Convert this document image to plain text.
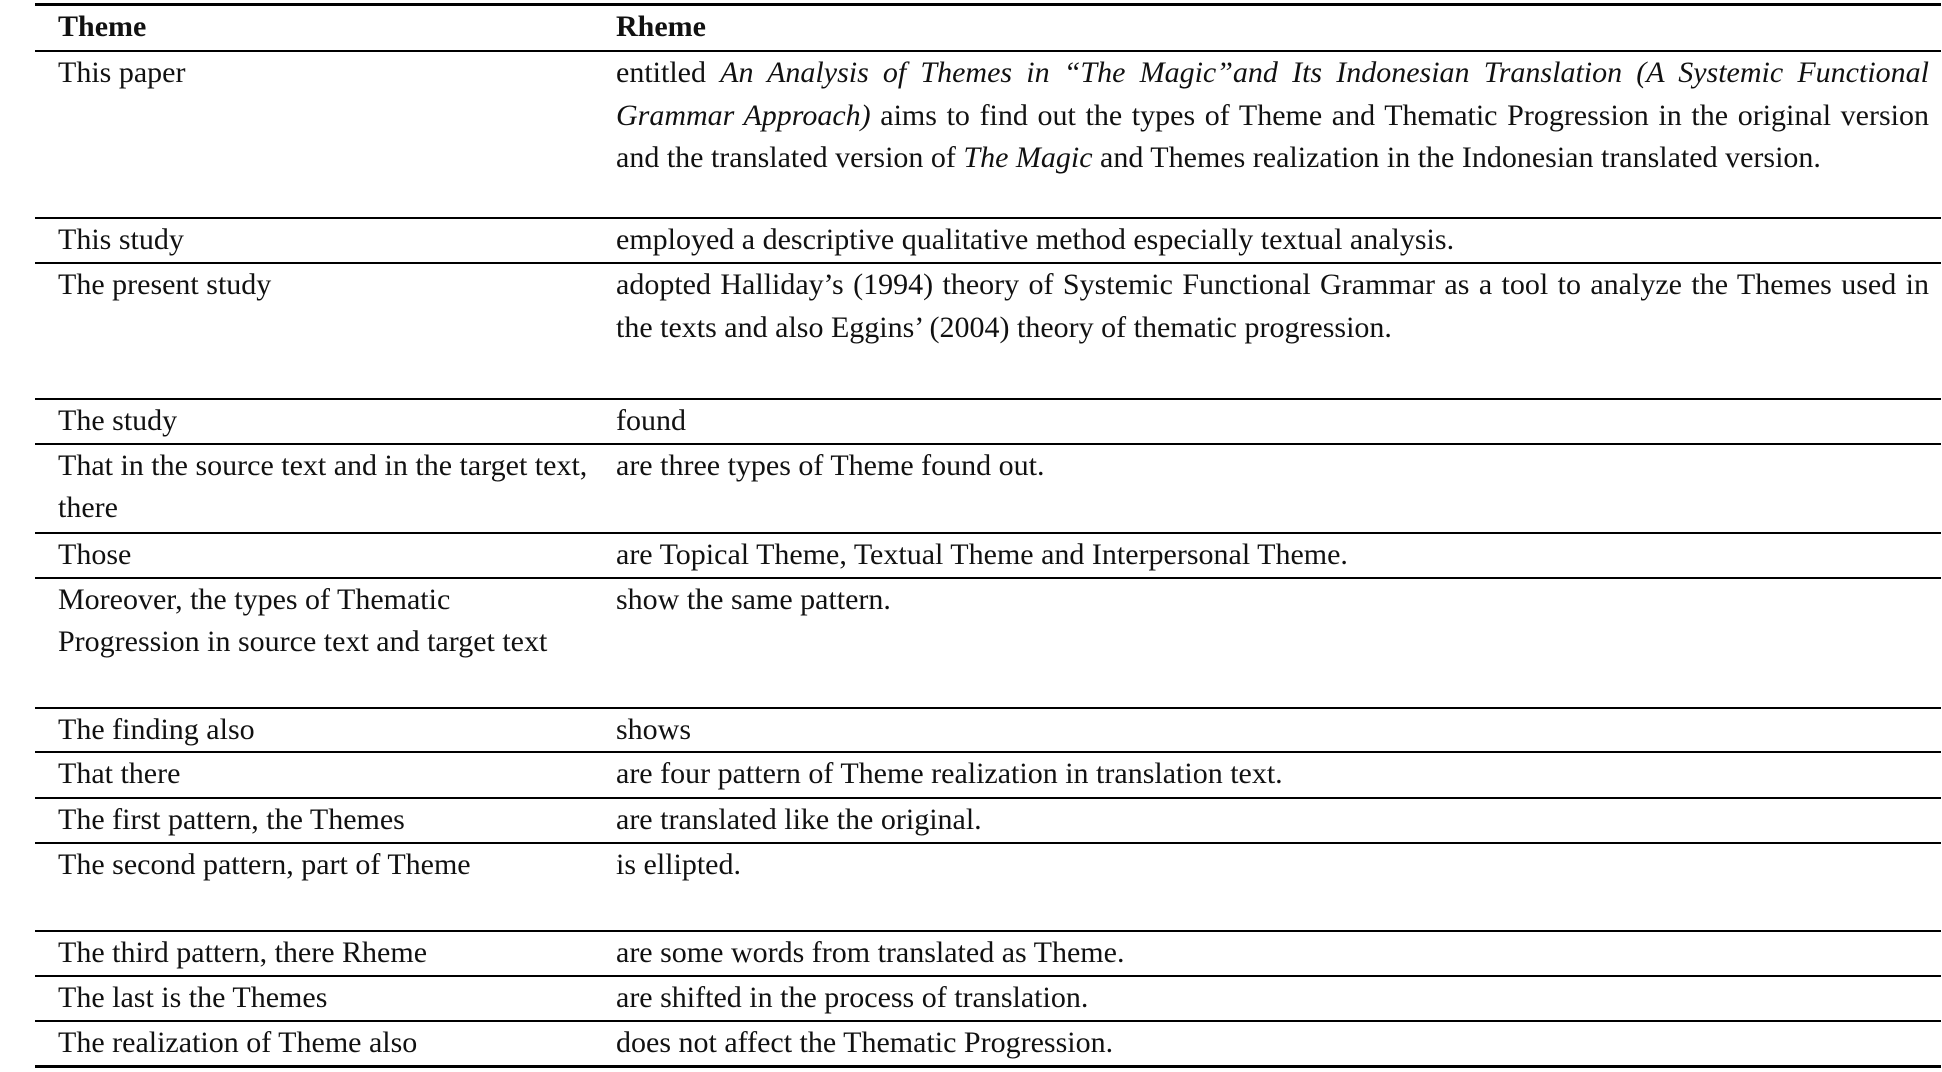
Theme	Rheme
This paper	entitled An Analysis of Themes in “The Magic”and Its Indonesian Translation (A Systemic Functional Grammar Approach) aims to find out the types of Theme and Thematic Progression in the original version and the translated version of The Magic and Themes realization in the Indonesian translated version.
This study	employed a descriptive qualitative method especially textual analysis.
The present study	adopted Halliday’s (1994) theory of Systemic Functional Grammar as a tool to analyze the Themes used in the texts and also Eggins’ (2004) theory of thematic progression.
The study	found
That in the source text and in the target text, there	are three types of Theme found out.
Those	are Topical Theme, Textual Theme and Interpersonal Theme.
Moreover, the types of Thematic Progression in source text and target text	show the same pattern.
The finding also	shows
That there	are four pattern of Theme realization in translation text.
The first pattern, the Themes	are translated like the original.
The second pattern, part of Theme	is ellipted.
The third pattern, there Rheme	are some words from translated as Theme.
The last is the Themes	are shifted in the process of translation.
The realization of Theme also	does not affect the Thematic Progression.
